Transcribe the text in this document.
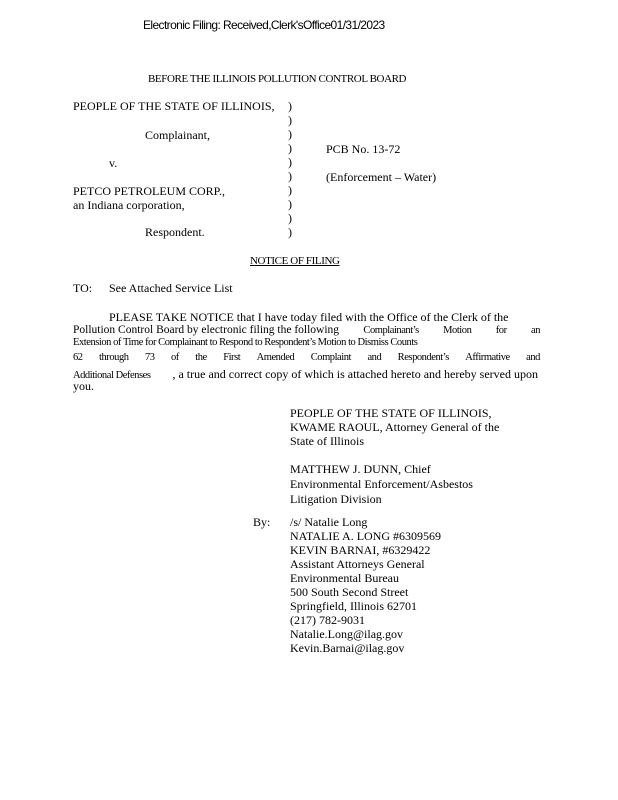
Electronic Filing: Received,Clerk'sOffice01/31/2023
BEFORE THE ILLINOIS POLLUTION CONTROL BOARD
PEOPLE OF THE STATE OF ILLINOIS,
Complainant,
v.
PETCO PETROLEUM CORP.,
an Indiana corporation,
Respondent.
)
)
)
)
)
)
)
)
)
)
PCB No. 13-72
(Enforcement – Water)
NOTICE OF FILING
TO: See Attached Service List
PLEASE TAKE NOTICE that I have today filed with the Office of the Clerk of the
Pollution Control Board by electronic filing the following Complainant’s Motion for an
Extension of Time for Complainant to Respond to Respondent’s Motion to Dismiss Counts
62 through 73 of the First Amended Complaint and Respondent’s Affirmative and
Additional Defenses , a true and correct copy of which is attached hereto and hereby served upon
you.
PEOPLE OF THE STATE OF ILLINOIS,
KWAME RAOUL, Attorney General of the
State of Illinois
MATTHEW J. DUNN, Chief
Environmental Enforcement/Asbestos
Litigation Division
By: /s/ Natalie Long
NATALIE A. LONG #6309569
KEVIN BARNAI, #6329422
Assistant Attorneys General
Environmental Bureau
500 South Second Street
Springfield, Illinois 62701
(217) 782-9031
Natalie.Long@ilag.gov
Kevin.Barnai@ilag.gov
